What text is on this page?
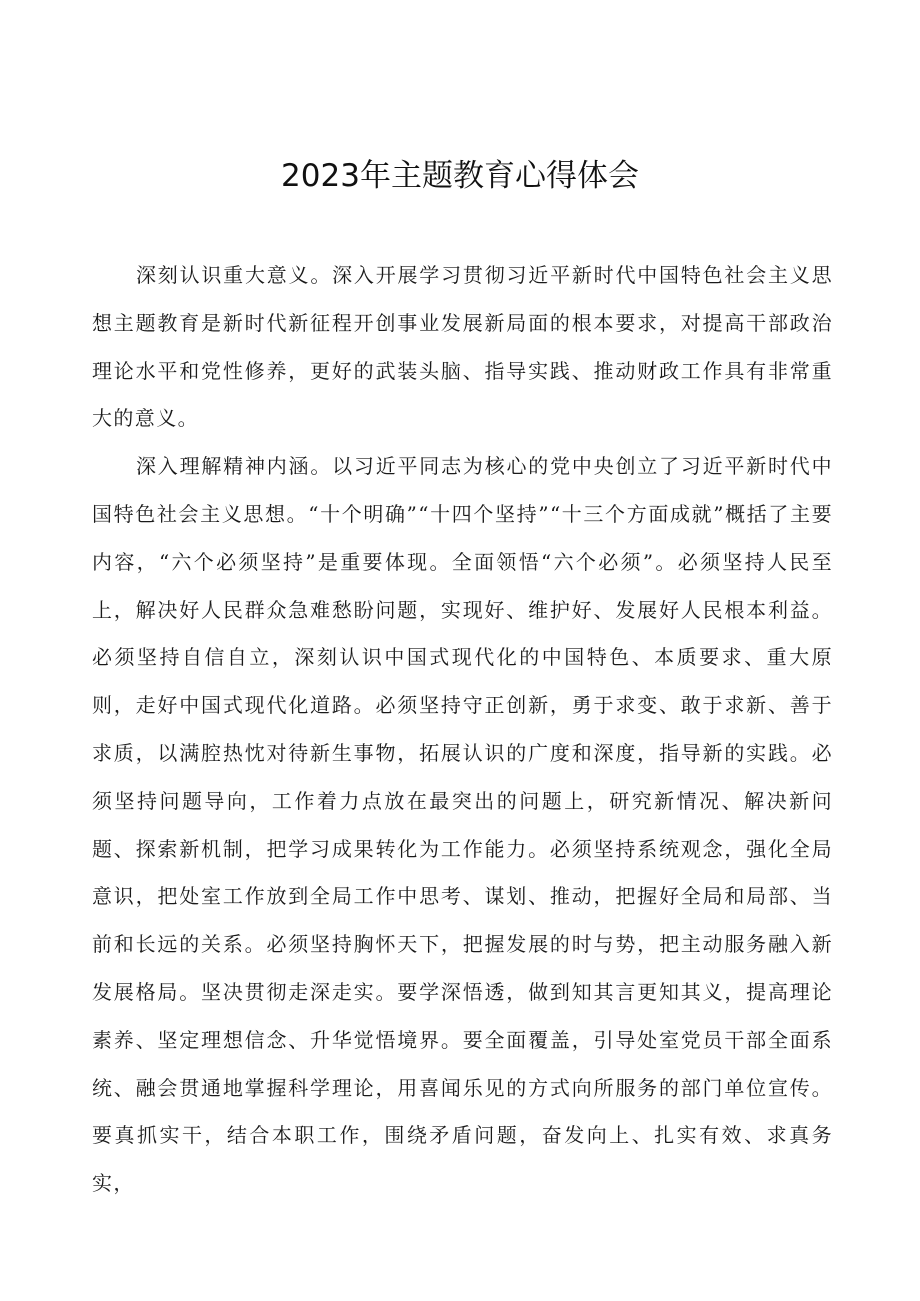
2023年主题教育心得体会

深刻认识重大意义。深入开展学习贯彻习近平新时代中国特色社会主义思想主题教育是新时代新征程开创事业发展新局面的根本要求，对提高干部政治理论水平和党性修养，更好的武装头脑、指导实践、推动财政工作具有非常重大的意义。

深入理解精神内涵。以习近平同志为核心的党中央创立了习近平新时代中国特色社会主义思想。“十个明确”“十四个坚持”“十三个方面成就”概括了主要内容，“六个必须坚持”是重要体现。全面领悟“六个必须”。必须坚持人民至上，解决好人民群众急难愁盼问题，实现好、维护好、发展好人民根本利益。必须坚持自信自立，深刻认识中国式现代化的中国特色、本质要求、重大原则，走好中国式现代化道路。必须坚持守正创新，勇于求变、敢于求新、善于求质，以满腔热忱对待新生事物，拓展认识的广度和深度，指导新的实践。必须坚持问题导向，工作着力点放在最突出的问题上，研究新情况、解决新问题、探索新机制，把学习成果转化为工作能力。必须坚持系统观念，强化全局意识，把处室工作放到全局工作中思考、谋划、推动，把握好全局和局部、当前和长远的关系。必须坚持胸怀天下，把握发展的时与势，把主动服务融入新发展格局。坚决贯彻走深走实。要学深悟透，做到知其言更知其义，提高理论素养、坚定理想信念、升华觉悟境界。要全面覆盖，引导处室党员干部全面系统、融会贯通地掌握科学理论，用喜闻乐见的方式向所服务的部门单位宣传。要真抓实干，结合本职工作，围绕矛盾问题，奋发向上、扎实有效、求真务实，
